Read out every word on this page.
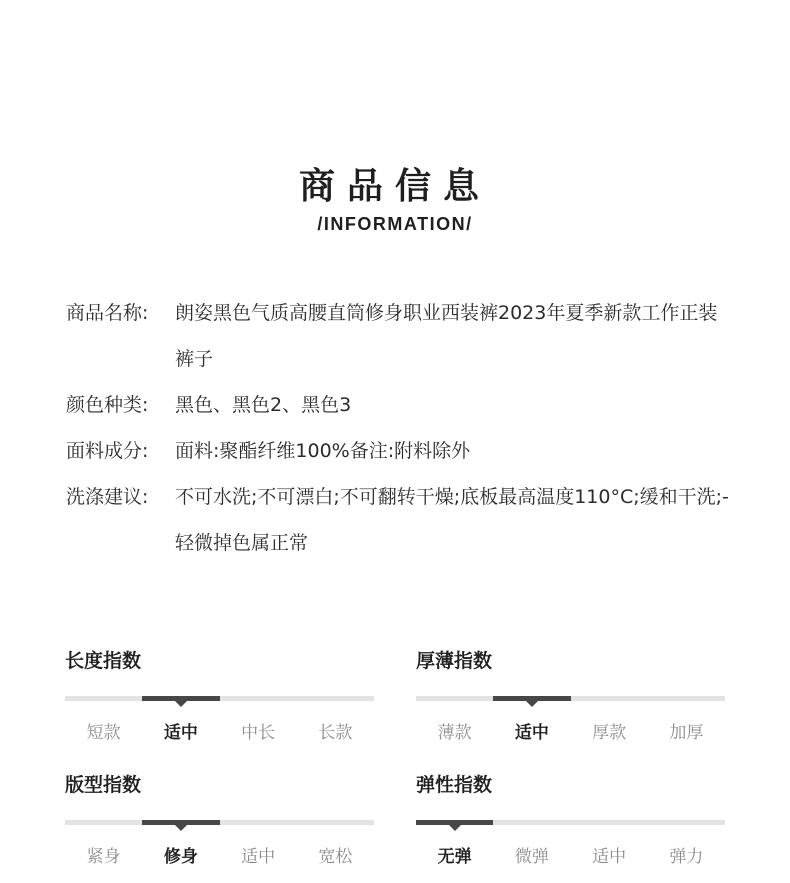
商品信息
/INFORMATION/
商品名称:	朗姿黑色气质高腰直筒修身职业西装裤2023年夏季新款工作正装裤子
颜色种类:	黑色、黑色2、黑色3
面料成分:	面料:聚酯纤维100%备注:附料除外
洗涤建议:	不可水洗;不可漂白;不可翻转干燥;底板最高温度110°C;缓和干洗;- 轻微掉色属正常
长度指数
短款	适中	中长	长款
厚薄指数
薄款	适中	厚款	加厚
版型指数
紧身	修身	适中	宽松
弹性指数
无弹	微弹	适中	弹力
